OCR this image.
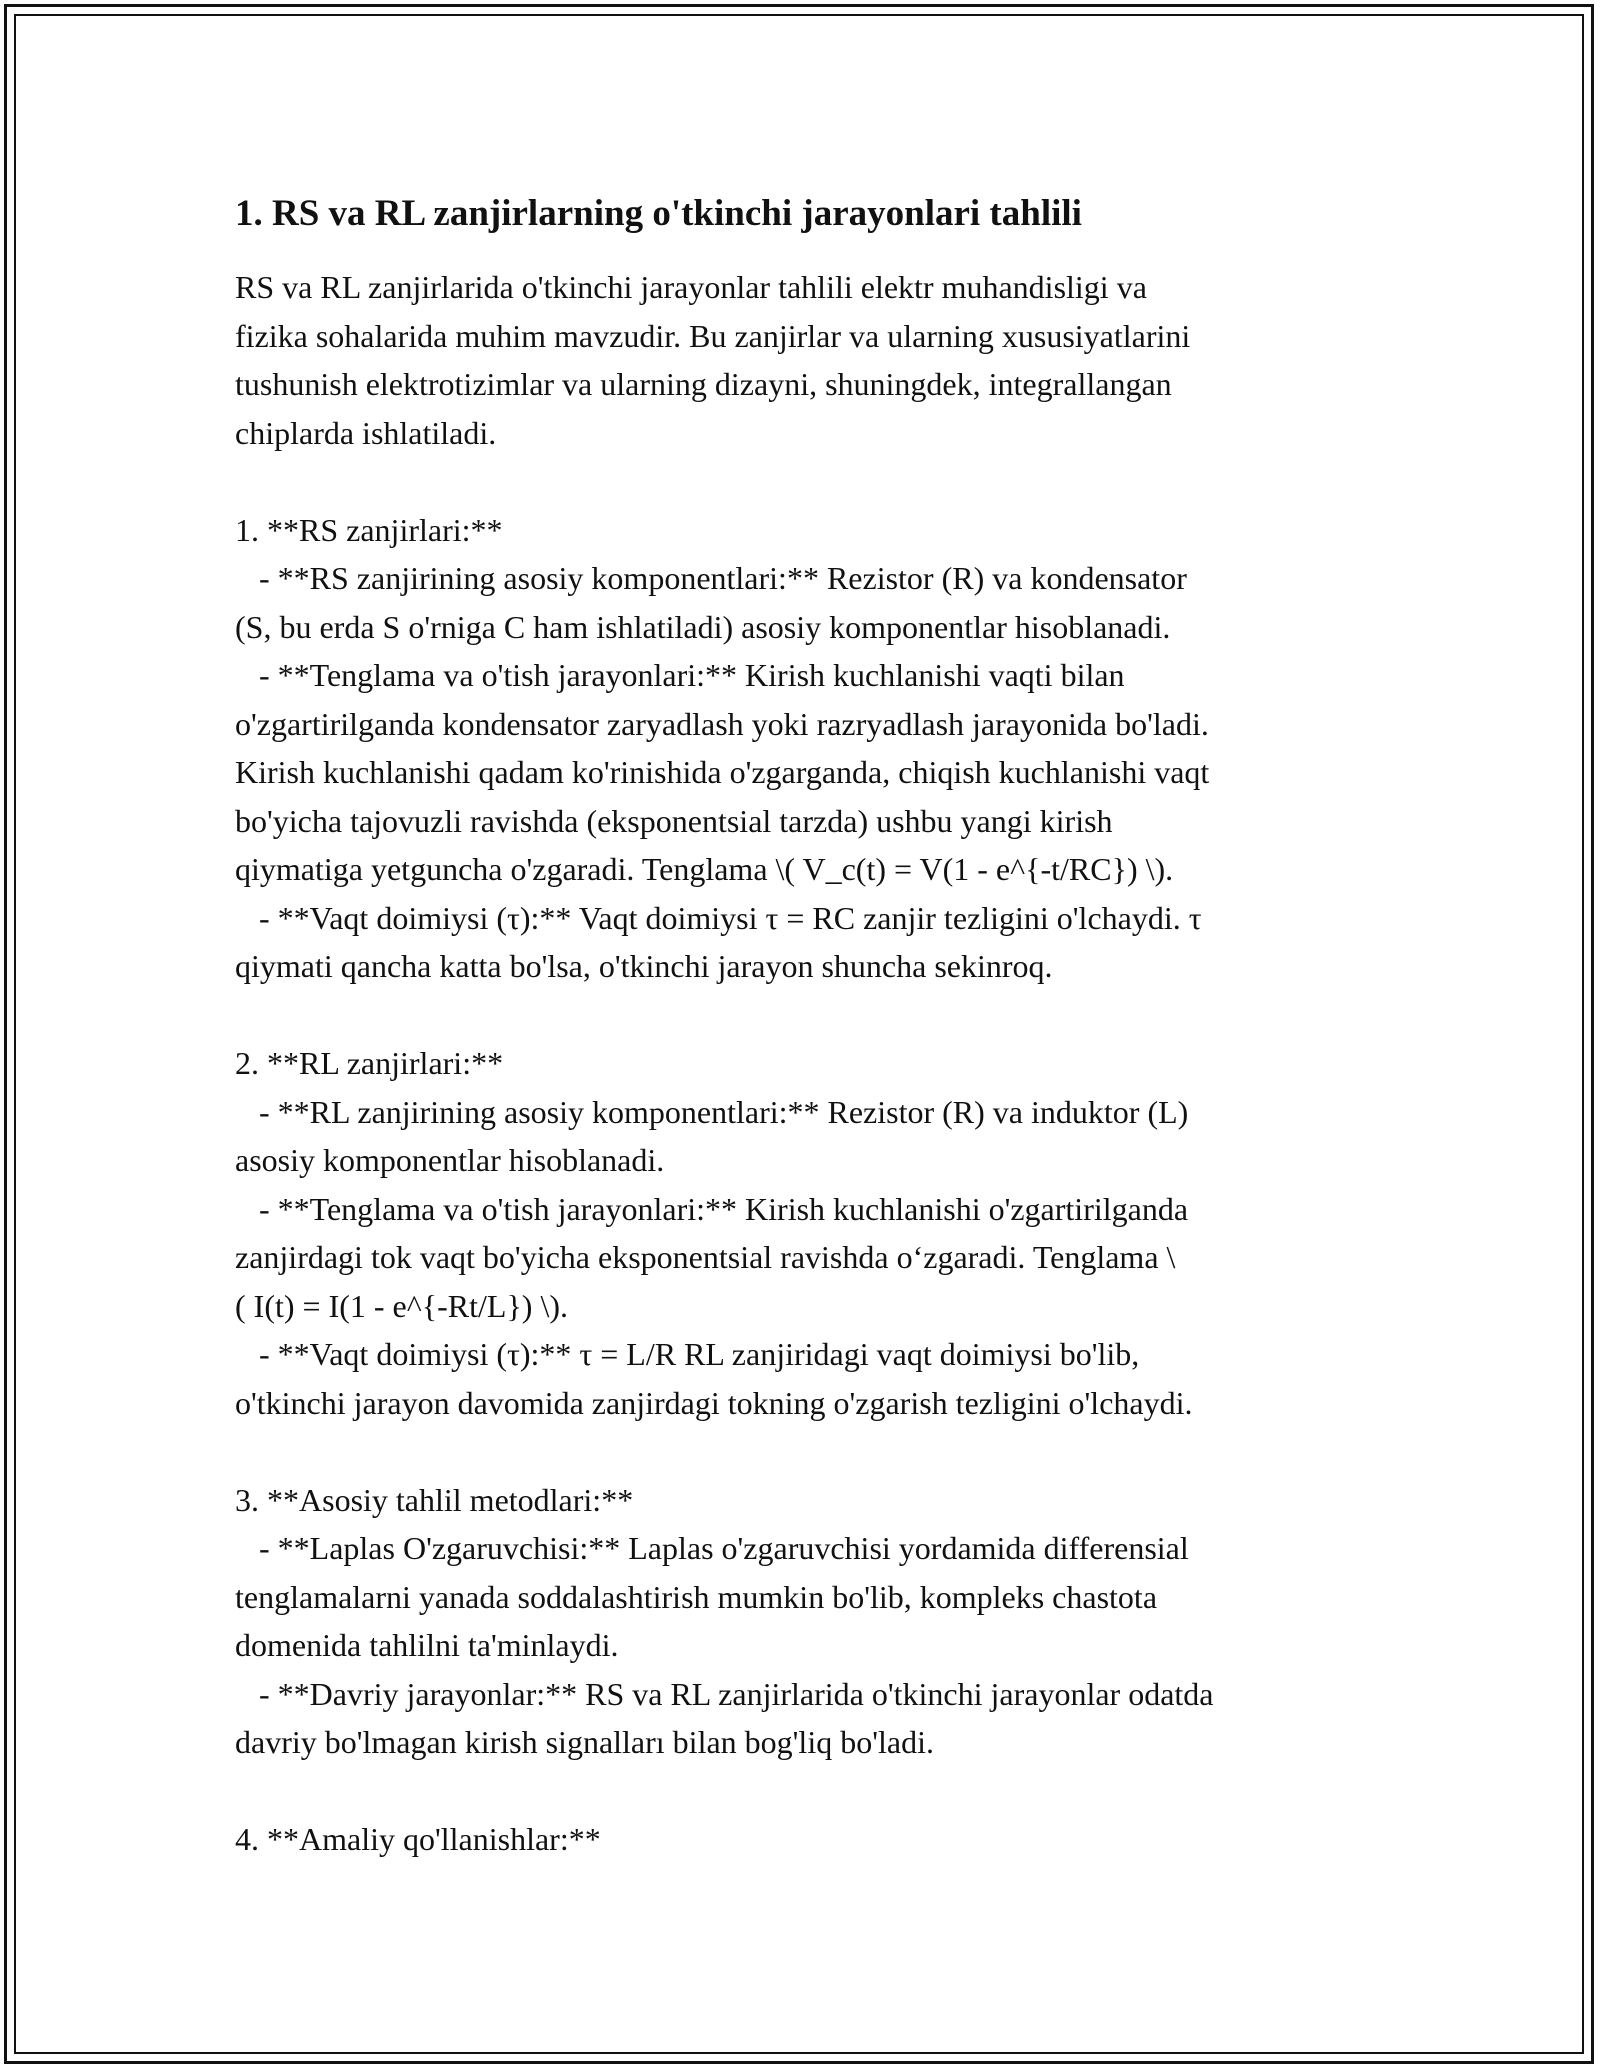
1. RS va RL zanjirlarning o'tkinchi jarayonlari tahlili

RS va RL zanjirlarida o'tkinchi jarayonlar tahlili elektr muhandisligi va
fizika sohalarida muhim mavzudir. Bu zanjirlar va ularning xususiyatlarini
tushunish elektrotizimlar va ularning dizayni, shuningdek, integrallangan
chiplarda ishlatiladi.

1. **RS zanjirlari:**
- **RS zanjirining asosiy komponentlari:** Rezistor (R) va kondensator
(S, bu erda S o'rniga C ham ishlatiladi) asosiy komponentlar hisoblanadi.
- **Tenglama va o'tish jarayonlari:** Kirish kuchlanishi vaqti bilan
o'zgartirilganda kondensator zaryadlash yoki razryadlash jarayonida bo'ladi.
Kirish kuchlanishi qadam ko'rinishida o'zgarganda, chiqish kuchlanishi vaqt
bo'yicha tajovuzli ravishda (eksponentsial tarzda) ushbu yangi kirish
qiymatiga yetguncha o'zgaradi. Tenglama \( V_c(t) = V(1 - e^{-t/RC}) \).
- **Vaqt doimiysi (τ):** Vaqt doimiysi τ = RC zanjir tezligini o'lchaydi. τ
qiymati qancha katta bo'lsa, o'tkinchi jarayon shuncha sekinroq.

2. **RL zanjirlari:**
- **RL zanjirining asosiy komponentlari:** Rezistor (R) va induktor (L)
asosiy komponentlar hisoblanadi.
- **Tenglama va o'tish jarayonlari:** Kirish kuchlanishi o'zgartirilganda
zanjirdagi tok vaqt bo'yicha eksponentsial ravishda o‘zgaradi. Tenglama \
( I(t) = I(1 - e^{-Rt/L}) \).
- **Vaqt doimiysi (τ):** τ = L/R RL zanjiridagi vaqt doimiysi bo'lib,
o'tkinchi jarayon davomida zanjirdagi tokning o'zgarish tezligini o'lchaydi.

3. **Asosiy tahlil metodlari:**
- **Laplas O'zgaruvchisi:** Laplas o'zgaruvchisi yordamida differensial
tenglamalarni yanada soddalashtirish mumkin bo'lib, kompleks chastota
domenida tahlilni ta'minlaydi.
- **Davriy jarayonlar:** RS va RL zanjirlarida o'tkinchi jarayonlar odatda
davriy bo'lmagan kirish signalları bilan bog'liq bo'ladi.

4. **Amaliy qo'llanishlar:**
